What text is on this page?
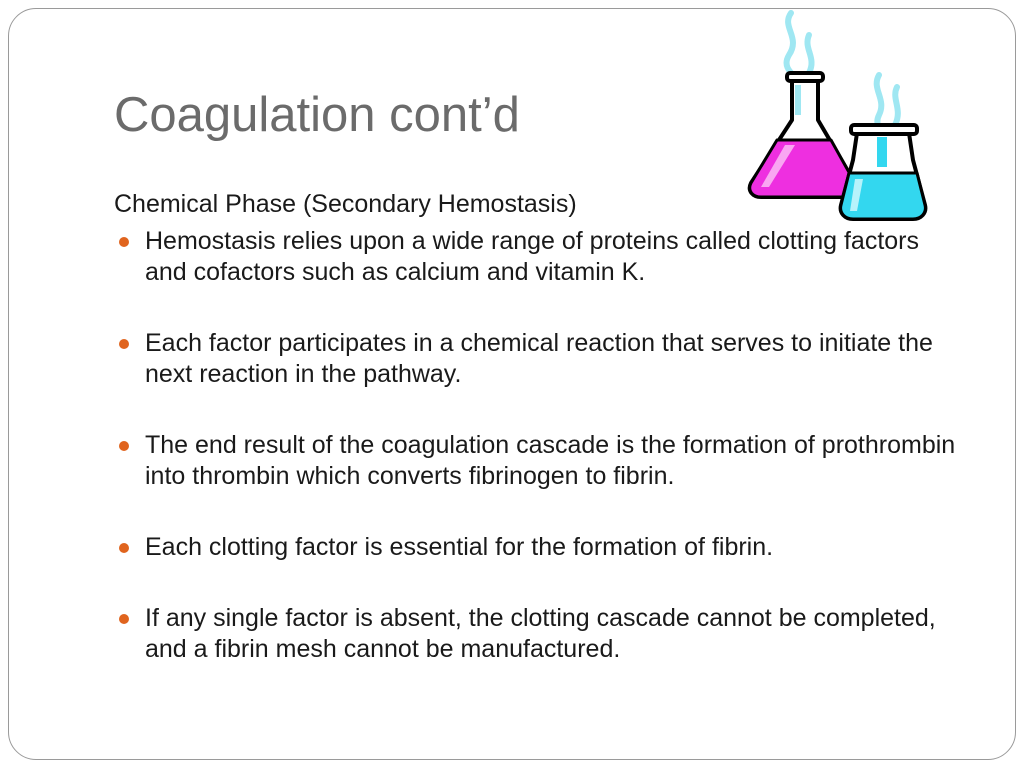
Coagulation cont’d

Chemical Phase (Secondary Hemostasis)

Hemostasis relies upon a wide range of proteins called clotting factors and cofactors such as calcium and vitamin K.
Each factor participates in a chemical reaction that serves to initiate the next reaction in the pathway.
The end result of the coagulation cascade is the formation of prothrombin into thrombin which converts fibrinogen to fibrin.
Each clotting factor is essential for the formation of fibrin.
If any single factor is absent, the clotting cascade cannot be completed, and a fibrin mesh cannot be manufactured.
